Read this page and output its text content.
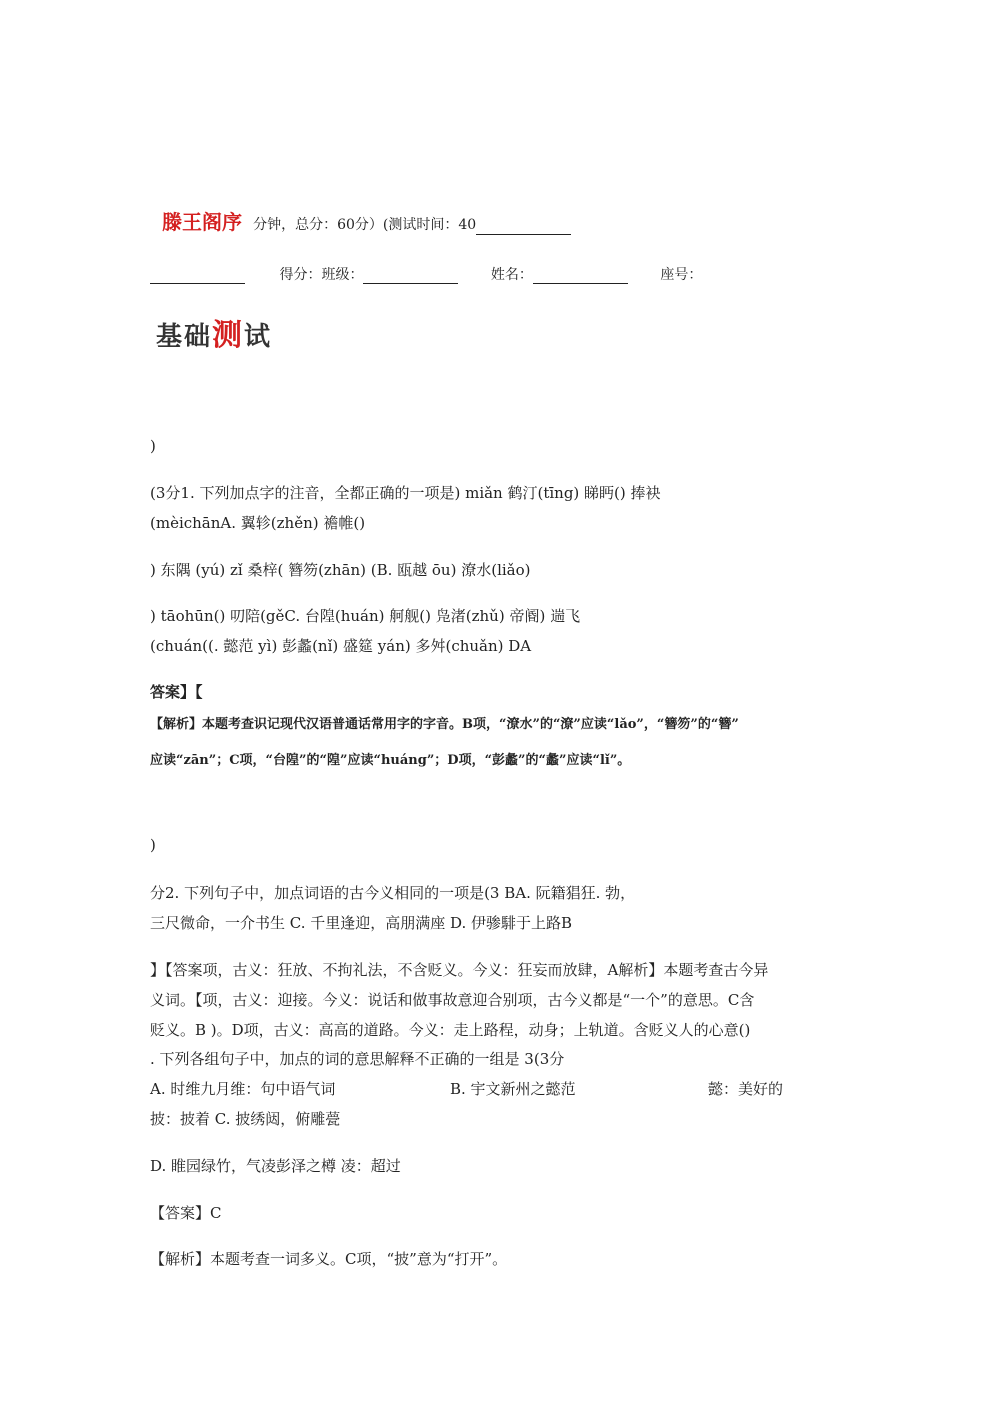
滕王阁序 分钟，总分：60分）(测试时间：40
得分：班级：	姓名：	座号：
基础测试
)
(3分1. 下列加点字的注音，全都正确的一项是) miǎn 鹤汀(tīng) 睇眄() 捧袂
(mèichānA. 翼轸(zhěn) 襜帷()
) 东隅 (yú) zǐ 桑梓( 簪笏(zhān) (B. 瓯越 ōu) 潦水(liǎo)
) tāohūn() 叨陪(gěC. 台隍(huán) 舸舰() 凫渚(zhǔ) 帝阍) 遄飞
(chuán((. 懿范 yì) 彭蠡(nǐ) 盛筵 yán) 多舛(chuǎn) DA
答案】【
【解析】本题考查识记现代汉语普通话常用字的字音。B项，“潦水”的“潦”应读“lǎo”，“簪笏”的“簪”
应读“zān”；C项，“台隍”的“隍”应读“huáng”；D项，“彭蠡”的“蠡”应读“lǐ”。
)
分2. 下列句子中，加点词语的古今义相同的一项是(3 BA. 阮籍猖狂. 勃，
三尺微命，一介书生 C. 千里逢迎，高朋满座 D. 伊骖騑于上路B
】【答案项，古义：狂放、不拘礼法，不含贬义。今义：狂妄而放肆，A解析】本题考查古今异
义词。【项，古义：迎接。今义：说话和做事故意迎合别项，古今义都是“一个”的意思。C含
贬义。B )。D项，古义：高高的道路。今义：走上路程，动身；上轨道。含贬义人的心意()
. 下列各组句子中，加点的词的意思解释不正确的一组是 3(3分
A. 时维九月维：句中语气词	B. 宇文新州之懿范	懿：美好的
披：披着 C. 披绣闼，俯雕甍
D. 睢园绿竹，气凌彭泽之樽 凌：超过
【答案】C
【解析】本题考查一词多义。C项，“披”意为“打开”。
